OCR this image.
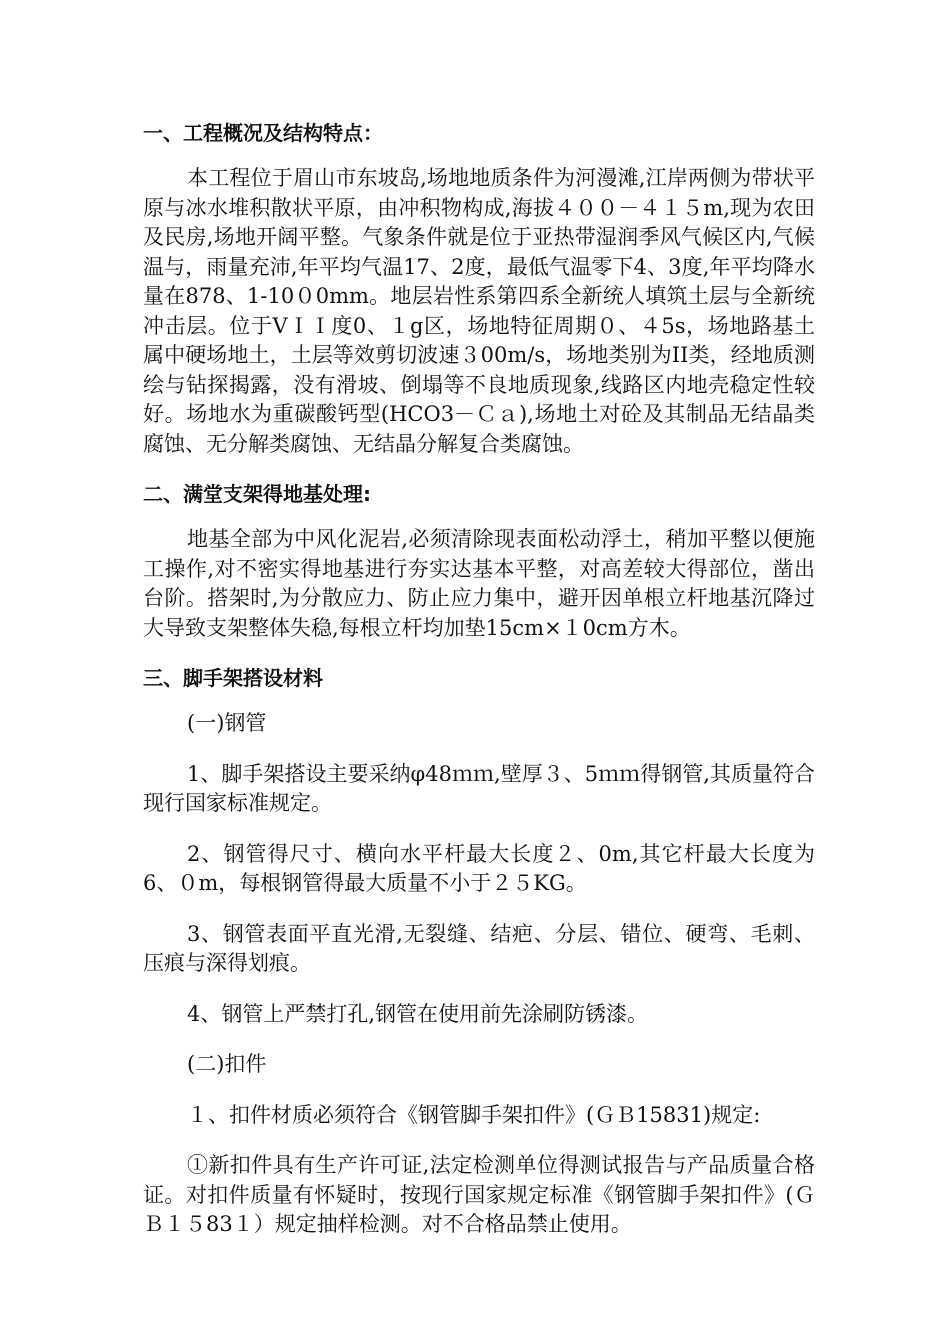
一、工程概况及结构特点：

本工程位于眉山市东坡岛,场地地质条件为河漫滩,江岸两侧为带状平原与冰水堆积散状平原，由冲积物构成,海拔４００－４１５m,现为农田及民房,场地开阔平整。气象条件就是位于亚热带湿润季风气候区内,气候温与，雨量充沛,年平均气温17、2度，最低气温零下4、3度,年平均降水量在878、1-10０0mm。地层岩性系第四系全新统人填筑土层与全新统冲击层。位于ⅤＩＩ度0、１g区，场地特征周期０、４5s，场地路基土属中硬场地土，土层等效剪切波速３00m/s，场地类别为II类，经地质测绘与钻探揭露，没有滑坡、倒塌等不良地质现象,线路区内地壳稳定性较好。场地水为重碳酸钙型(HCO3－Ｃａ),场地土对砼及其制品无结晶类腐蚀、无分解类腐蚀、无结晶分解复合类腐蚀。

二、满堂支架得地基处理:

地基全部为中风化泥岩,必须清除现表面松动浮土，稍加平整以便施工操作,对不密实得地基进行夯实达基本平整，对高差较大得部位，凿出台阶。搭架时,为分散应力、防止应力集中，避开因单根立杆地基沉降过大导致支架整体失稳,每根立杆均加垫15cm×１0cm方木。

三、脚手架搭设材料

(一)钢管

1、脚手架搭设主要采纳φ48ｍｍ,壁厚３、5ｍｍ得钢管,其质量符合现行国家标准规定。

2、钢管得尺寸、横向水平杆最大长度２、0m,其它杆最大长度为6、０m，每根钢管得最大质量不小于２５KG。

3、钢管表面平直光滑,无裂缝、结疤、分层、错位、硬弯、毛刺、压痕与深得划痕。

4、钢管上严禁打孔,钢管在使用前先涂刷防锈漆。

(二)扣件

１、扣件材质必须符合《钢管脚手架扣件》(ＧＢ15831)规定:

①新扣件具有生产许可证,法定检测单位得测试报告与产品质量合格证。对扣件质量有怀疑时，按现行国家规定标准《钢管脚手架扣件》(ＧＢ１５83１）规定抽样检测。对不合格品禁止使用。
